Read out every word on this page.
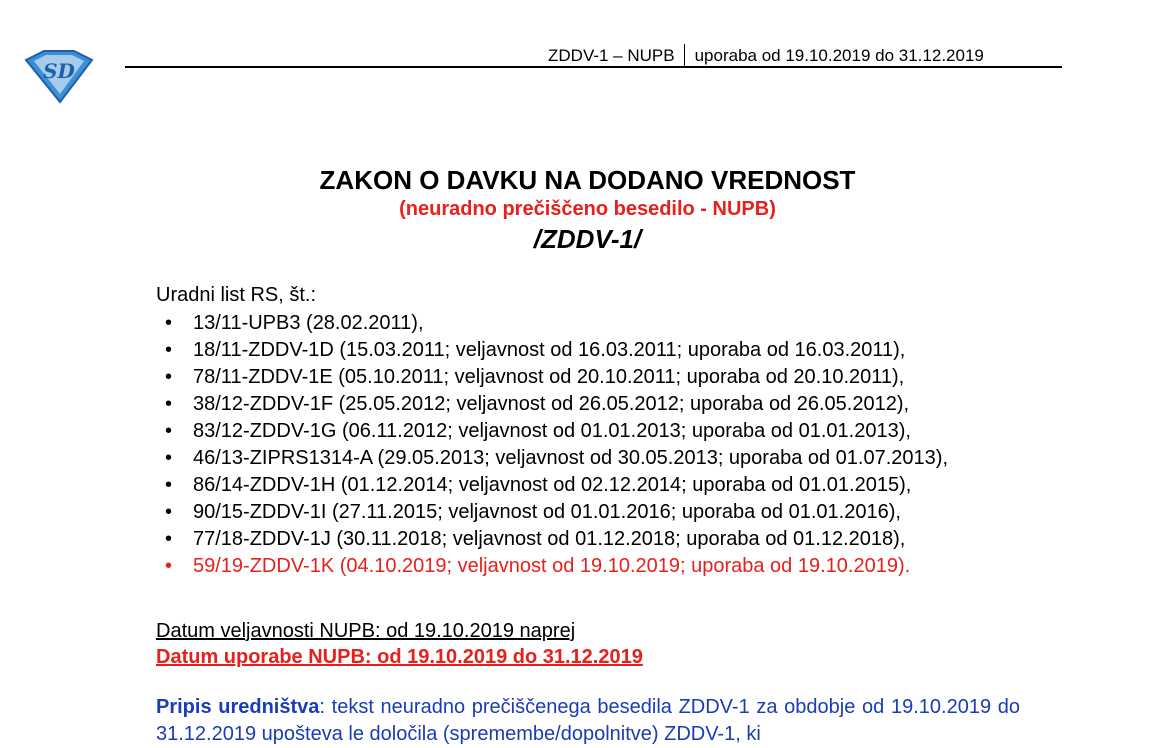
SD
ZDDV-1 – NUPB uporaba od 19.10.2019 do 31.12.2019
ZAKON O DAVKU NA DODANO VREDNOST
(neuradno prečiščeno besedilo - NUPB)
/ZDDV-1/
Uradni list RS, št.:
• 13/11-UPB3 (28.02.2011),
• 18/11-ZDDV-1D (15.03.2011; veljavnost od 16.03.2011; uporaba od 16.03.2011),
• 78/11-ZDDV-1E (05.10.2011; veljavnost od 20.10.2011; uporaba od 20.10.2011),
• 38/12-ZDDV-1F (25.05.2012; veljavnost od 26.05.2012; uporaba od 26.05.2012),
• 83/12-ZDDV-1G (06.11.2012; veljavnost od 01.01.2013; uporaba od 01.01.2013),
• 46/13-ZIPRS1314-A (29.05.2013; veljavnost od 30.05.2013; uporaba od 01.07.2013),
• 86/14-ZDDV-1H (01.12.2014; veljavnost od 02.12.2014; uporaba od 01.01.2015),
• 90/15-ZDDV-1I (27.11.2015; veljavnost od 01.01.2016; uporaba od 01.01.2016),
• 77/18-ZDDV-1J (30.11.2018; veljavnost od 01.12.2018; uporaba od 01.12.2018),
• 59/19-ZDDV-1K (04.10.2019; veljavnost od 19.10.2019; uporaba od 19.10.2019).
Datum veljavnosti NUPB: od 19.10.2019 naprej
Datum uporabe NUPB: od 19.10.2019 do 31.12.2019
Pripis uredništva: tekst neuradno prečiščenega besedila ZDDV-1 za obdobje od 19.10.2019 do 31.12.2019 upošteva le določila (spremembe/dopolnitve) ZDDV-1, ki
